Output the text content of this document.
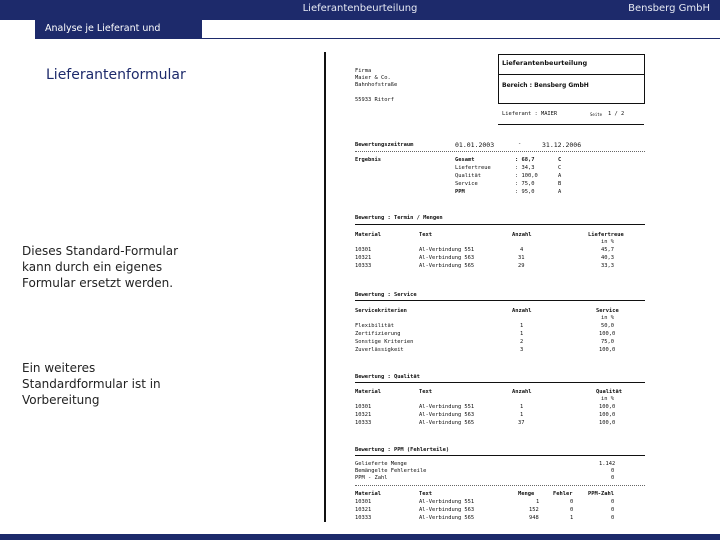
Lieferantenbeurteilung	Bensberg GmbH
Analyse je Lieferant und Material
Lieferantenformular
Dieses Standard-Formular kann durch ein eigenes Formular ersetzt werden.
Ein weiteres Standardformular ist in Vorbereitung
Firma
Maier & Co.
Bahnhofstraße
55933 Ritorf
Lieferantenbeurteilung
Bereich : Bensberg GmbH
Lieferant : MAIER	Seite 1 / 2
Bewertungszeitraum	01.01.2003	-	31.12.2006
Ergebnis	Gesamt	: 68,7	C
Liefertreue	: 34,3	C
Qualität	: 100,0	A
Service	: 75,0	B
PPM	: 95,0	A
Bewertung : Termin / Mengen
Material	Text	Anzahl	Liefertreue
in %
10301	Al-Verbindung 551	4	45,7
10321	Al-Verbindung 563	31	40,3
10333	Al-Verbindung 565	29	33,3
Bewertung : Service
Servicekriterien	Anzahl	Service
in %
Flexibilität	1	50,0
Zertifizierung	1	100,0
Sonstige Kriterien	2	75,0
Zuverlässigkeit	3	100,0
Bewertung : Qualität
Material	Text	Anzahl	Qualität
in %
10301	Al-Verbindung 551	1	100,0
10321	Al-Verbindung 563	1	100,0
10333	Al-Verbindung 565	37	100,0
Bewertung : PPM (Fehlerteile)
Gelieferte Menge	1.142
Bemängelte Fehlerteile	0
PPM - Zahl	0
Material	Text	Menge	Fehler	PPM-Zahl
10301	Al-Verbindung 551	1	0	0
10321	Al-Verbindung 563	152	0	0
10333	Al-Verbindung 565	948	1	0
